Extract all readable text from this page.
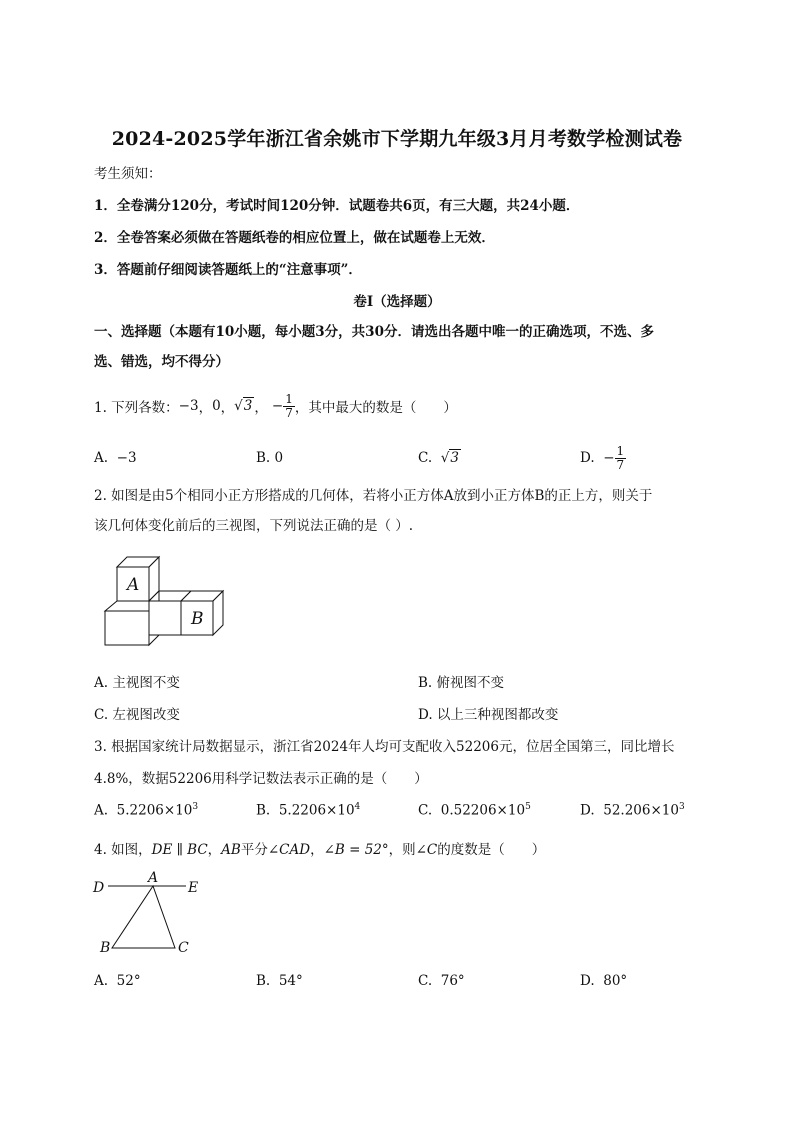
2024-2025学年浙江省余姚市下学期九年级3月月考数学检测试卷
考生须知：
1．全卷满分120分，考试时间120分钟．试题卷共6页，有三大题，共24小题．
2．全卷答案必须做在答题纸卷的相应位置上，做在试题卷上无效．
3．答题前仔细阅读答题纸上的“注意事项”．
卷Ⅰ（选择题）
一、选择题（本题有10小题，每小题3分，共30分．请选出各题中唯一的正确选项，不选、多
选、错选，均不得分）
1. 下列各数： −3 ， 0 ， √3 ， − $\frac{1}{7}$ ，其中最大的数是（　　）
A. −3	B. 0	C. √3	D.
− $\frac{1}{7}$
2. 如图是由5个相同小正方形搭成的几何体，若将小正方体A放到小正方体B的正上方，则关于
该几何体变化前后的三视图，下列说法正确的是（ ）.
A
B
A. 主视图不变	B. 俯视图不变
C. 左视图改变	D. 以上三种视图都改变
3. 根据国家统计局数据显示，浙江省2024年人均可支配收入52206元，位居全国第三，同比增长
4.8%，数据52206用科学记数法表示正确的是（　　）
A. $5.2206\times 10^3$	B. $5.2206\times 10^4$	C. $0.52206\times 10^5$	D. $52.206\times 10^3$
4. 如图，DE ∥ BC，AB平分∠CAD，∠B = 52°，则∠C的度数是（　　）
D
A
E
B	C
A. 52°	B. 54°	C. 76°	D. 80°
